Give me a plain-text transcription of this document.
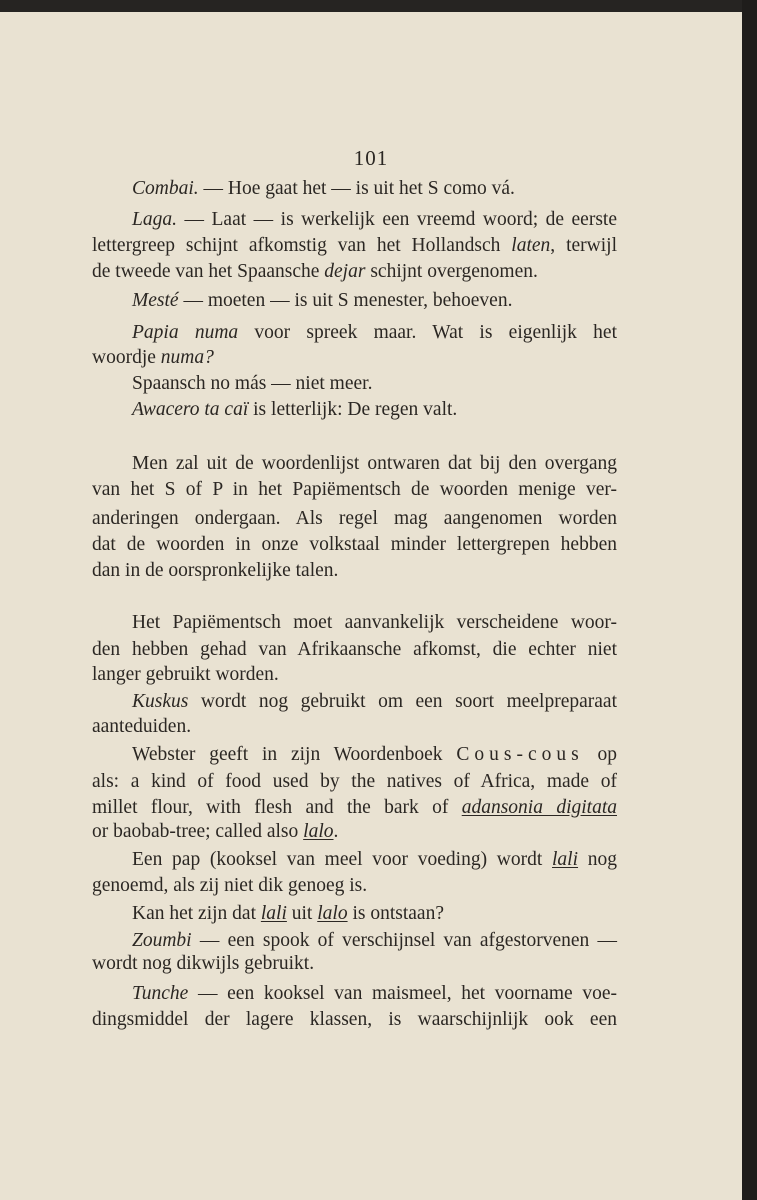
101
Combai. — Hoe gaat het — is uit het S como vá.
Laga. — Laat — is werkelijk een vreemd woord; de eerste
lettergreep schijnt afkomstig van het Hollandsch laten, terwijl
de tweede van het Spaansche dejar schijnt overgenomen.
Mesté — moeten — is uit S menester, behoeven.
Papia numa voor spreek maar. Wat is eigenlijk het
woordje numa?
Spaansch no más — niet meer.
Awacero ta caï is letterlijk: De regen valt.
Men zal uit de woordenlijst ontwaren dat bij den overgang
van het S of P in het Papiëmentsch de woorden menige ver-
anderingen ondergaan. Als regel mag aangenomen worden
dat de woorden in onze volkstaal minder lettergrepen hebben
dan in de oorspronkelijke talen.
Het Papiëmentsch moet aanvankelijk verscheidene woor-
den hebben gehad van Afrikaansche afkomst, die echter niet
langer gebruikt worden.
Kuskus wordt nog gebruikt om een soort meelpreparaat
aanteduiden.
Webster geeft in zijn Woordenboek Cous-cous op
als: a kind of food used by the natives of Africa, made of
millet flour, with flesh and the bark of adansonia digitata
or baobab-tree; called also lalo.
Een pap (kooksel van meel voor voeding) wordt lali nog
genoemd, als zij niet dik genoeg is.
Kan het zijn dat lali uit lalo is ontstaan?
Zoumbi — een spook of verschijnsel van afgestorvenen —
wordt nog dikwijls gebruikt.
Tunche — een kooksel van maismeel, het voorname voe-
dingsmiddel der lagere klassen, is waarschijnlijk ook een
